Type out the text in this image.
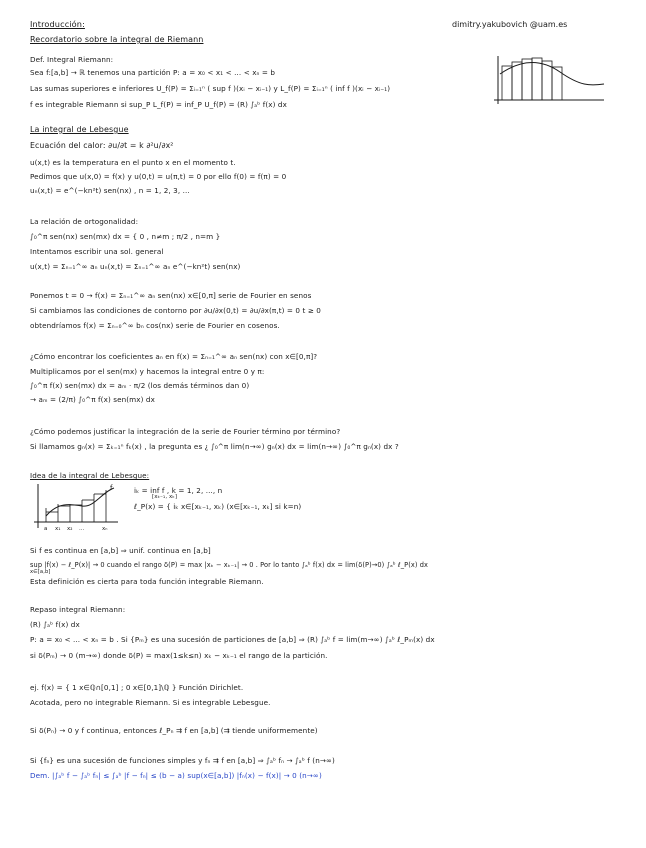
dimitry.yakubovich @uam.es
Introducción:
Recordatorio sobre la integral de Riemann
Def. Integral Riemann:
Sea f:[a,b] → ℝ tenemos una partición P: a = x₀ < x₁ < ... < xₙ = b
Las sumas superiores e inferiores U_f(P) = Σᵢ₌₁ⁿ ( sup f )(xᵢ − xᵢ₋₁) y L_f(P) = Σᵢ₌₁ⁿ ( inf f )(xᵢ − xᵢ₋₁)
f es integrable Riemann si sup_P L_f(P) = inf_P U_f(P) = (R) ∫ₐᵇ f(x) dx
La integral de Lebesgue
Ecuación del calor: ∂u/∂t = k ∂²u/∂x²
u(x,t) es la temperatura en el punto x en el momento t.
Pedimos que u(x,0) = f(x) y u(0,t) = u(π,t) = 0 por ello f(0) = f(π) = 0
uₙ(x,t) = e^(−kn²t) sen(nx) , n = 1, 2, 3, ...
La relación de ortogonalidad:
∫₀^π sen(nx) sen(mx) dx = { 0 , n≠m ; π/2 , n=m }
Intentamos escribir una sol. general
u(x,t) = Σₙ₌₁^∞ aₙ uₙ(x,t) = Σₙ₌₁^∞ aₙ e^(−kn²t) sen(nx)
Ponemos t = 0 → f(x) = Σₙ₌₁^∞ aₙ sen(nx) x∈[0,π] serie de Fourier en senos
Si cambiamos las condiciones de contorno por ∂u/∂x(0,t) = ∂u/∂x(π,t) = 0 t ≥ 0
obtendríamos f(x) = Σₙ₌₀^∞ bₙ cos(nx) serie de Fourier en cosenos.
¿Cómo encontrar los coeficientes aₙ en f(x) = Σₙ₌₁^∞ aₙ sen(nx) con x∈[0,π]?
Multiplicamos por el sen(mx) y hacemos la integral entre 0 y π:
∫₀^π f(x) sen(mx) dx = aₘ · π/2 (los demás términos dan 0)
→ aₘ = (2/π) ∫₀^π f(x) sen(mx) dx
¿Cómo podemos justificar la integración de la serie de Fourier término por término?
Si llamamos gₙ(x) = Σₖ₌₁ⁿ fₖ(x) , la pregunta es ¿ ∫₀^π lim(n→∞) gₙ(x) dx = lim(n→∞) ∫₀^π gₙ(x) dx ?
Idea de la integral de Lebesgue:
f
a x₁ x₂ ...	xₙ
iₖ = inf f , k = 1, 2, ..., n
[xₖ₋₁, xₖ]
ℓ_P(x) = { iₖ x∈[xₖ₋₁, xₖ) (x∈[xₖ₋₁, xₖ] si k=n)
Si f es continua en [a,b] ⇒ unif. continua en [a,b]
sup |f(x) − ℓ_P(x)| → 0 cuando el rango δ(P) = max |xₖ − xₖ₋₁| → 0 . Por lo tanto ∫ₐᵇ f(x) dx = lim(δ(P)→0) ∫ₐᵇ ℓ_P(x) dx
x∈[a,b]
Esta definición es cierta para toda función integrable Riemann.
Repaso integral Riemann:
(R) ∫ₐᵇ f(x) dx
P: a = x₀ < ... < xₙ = b . Si {Pₘ} es una sucesión de particiones de [a,b] ⇒ (R) ∫ₐᵇ f = lim(m→∞) ∫ₐᵇ ℓ_Pₘ(x) dx
si δ(Pₘ) → 0 (m→∞) donde δ(P) = max(1≤k≤n) xₖ − xₖ₋₁ el rango de la partición.
ej. f(x) = { 1 x∈ℚ∩[0,1] ; 0 x∈[0,1]\ℚ } Función Dirichlet.
Acotada, pero no integrable Riemann. Si es integrable Lebesgue.
Si δ(Pₙ) → 0 y f continua, entonces ℓ_Pₙ ⇉ f en [a,b] (⇉ tiende uniformemente)
Si {fₙ} es una sucesión de funciones simples y fₙ ⇉ f en [a,b] ⇒ ∫ₐᵇ fₙ → ∫ₐᵇ f (n→∞)
Dem. |∫ₐᵇ f − ∫ₐᵇ fₙ| ≤ ∫ₐᵇ |f − fₙ| ≤ (b − a) sup(x∈[a,b]) |fₙ(x) − f(x)| → 0 (n→∞)
